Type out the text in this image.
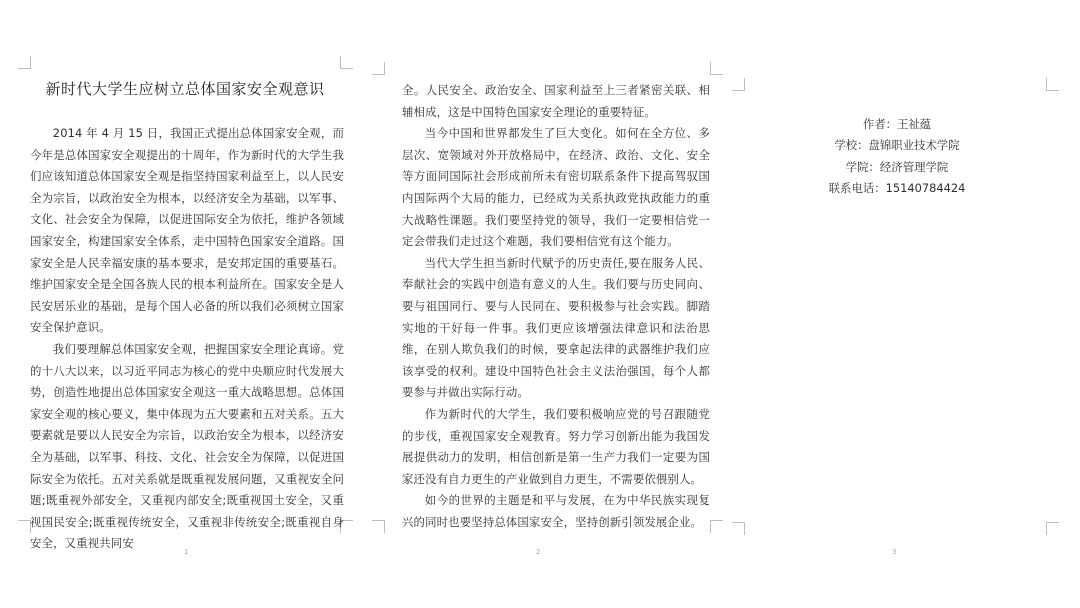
新时代大学生应树立总体国家安全观意识

2014 年 4 月 15 日，我国正式提出总体国家安全观，而今年是总体国家安全观提出的十周年，作为新时代的大学生我们应该知道总体国家安全观是指坚持国家利益至上，以人民安全为宗旨，以政治安全为根本，以经济安全为基础，以军事、文化、社会安全为保障，以促进国际安全为依托，维护各领域国家安全，构建国家安全体系，走中国特色国家安全道路。国家安全是人民幸福安康的基本要求，是安邦定国的重要基石。维护国家安全是全国各族人民的根本利益所在。国家安全是人民安居乐业的基础，是每个国人必备的所以我们必须树立国家安全保护意识。

我们要理解总体国家安全观，把握国家安全理论真谛。党的十八大以来，以习近平同志为核心的党中央顺应时代发展大势，创造性地提出总体国家安全观这一重大战略思想。总体国家安全观的核心要义，集中体现为五大要素和五对关系。五大要素就是要以人民安全为宗旨，以政治安全为根本，以经济安全为基础，以军事、科技、文化、社会安全为保障，以促进国际安全为依托。五对关系就是既重视发展问题，又重视安全问题;既重视外部安全，又重视内部安全;既重视国土安全，又重视国民安全;既重视传统安全，又重视非传统安全;既重视自身安全，又重视共同安

1

全。人民安全、政治安全、国家利益至上三者紧密关联、相辅相成，这是中国特色国家安全理论的重要特征。

当今中国和世界都发生了巨大变化。如何在全方位、多层次、宽领域对外开放格局中，在经济、政治、文化、安全等方面同国际社会形成前所未有密切联系条件下提高驾驭国内国际两个大局的能力，已经成为关系执政党执政能力的重大战略性课题。我们要坚持党的领导，我们一定要相信党一定会带我们走过这个难题，我们要相信党有这个能力。

当代大学生担当新时代赋予的历史责任,要在服务人民、奉献社会的实践中创造有意义的人生。我们要与历史同向、要与祖国同行、要与人民同在、要积极参与社会实践。脚踏实地的干好每一件事。我们更应该增强法律意识和法治思维，在别人欺负我们的时候，要拿起法律的武器维护我们应该享受的权利。建设中国特色社会主义法治强国，每个人都要参与并做出实际行动。

作为新时代的大学生，我们要积极响应党的号召跟随党的步伐，重视国家安全观教育。努力学习创新出能为我国发展提供动力的发明，相信创新是第一生产力我们一定要为国家还没有自力更生的产业做到自力更生，不需要依偎别人。

如今的世界的主题是和平与发展，在为中华民族实现复兴的同时也要坚持总体国家安全，坚持创新引领发展企业。

2
作者：王祉蕴
学校：盘锦职业技术学院
学院：经济管理学院
联系电话：15140784424
3
